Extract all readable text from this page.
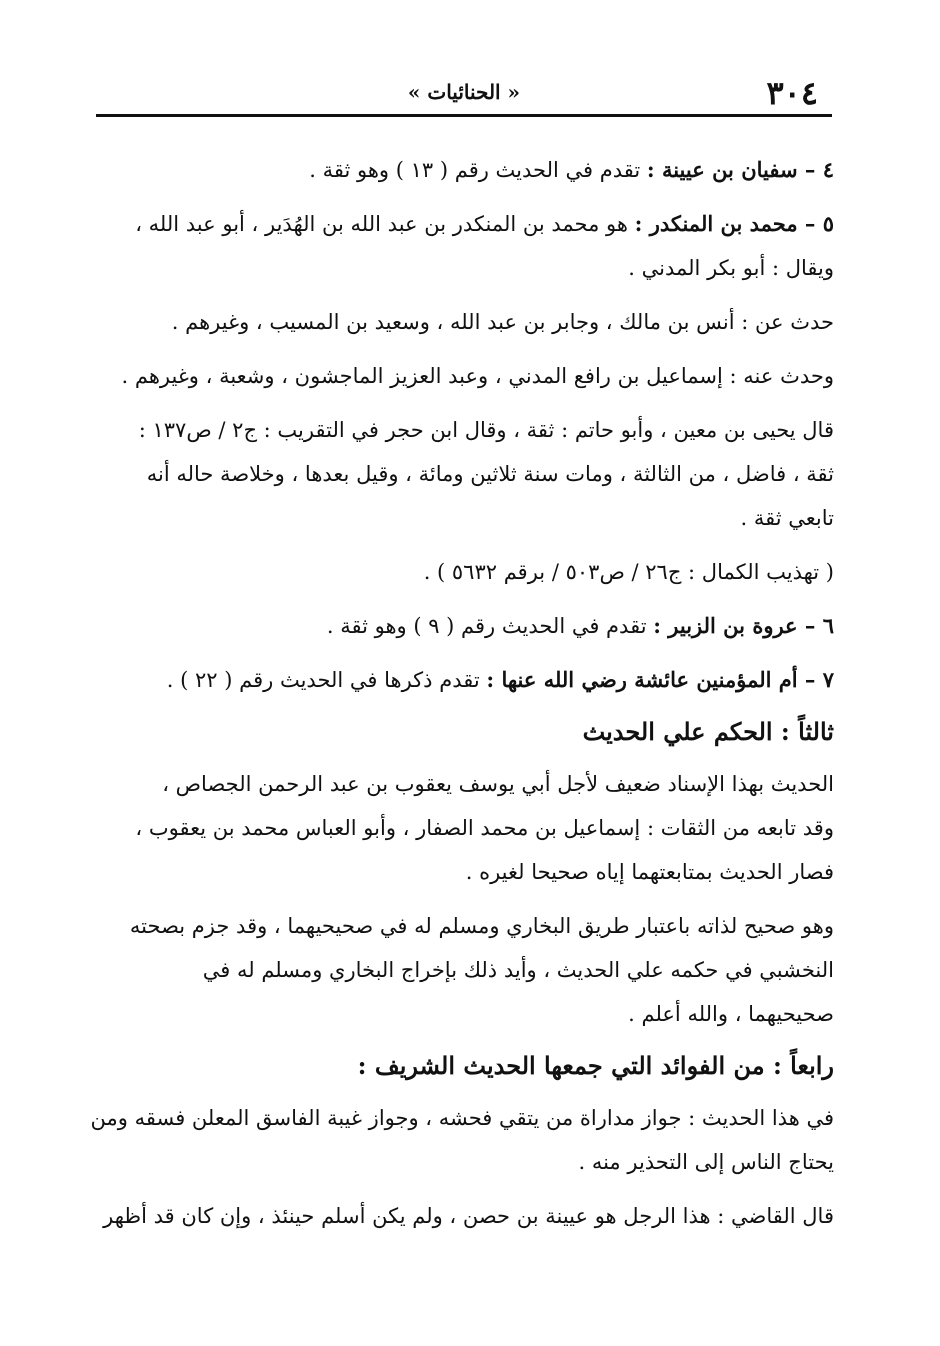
٣٠٤
« الحنائيات »

٤ – سفيان بن عيينة : تقدم في الحديث رقم ( ١٣ ) وهو ثقة .

٥ – محمد بن المنكدر : هو محمد بن المنكدر بن عبد الله بن الهُدَير ، أبو عبد الله ،

ويقال : أبو بكر المدني .

حدث عن : أنس بن مالك ، وجابر بن عبد الله ، وسعيد بن المسيب ، وغيرهم .

وحدث عنه : إسماعيل بن رافع المدني ، وعبد العزيز الماجشون ، وشعبة ، وغيرهم .

قال يحيى بن معين ، وأبو حاتم : ثقة ، وقال ابن حجر في التقريب : ج٢ / ص١٣٧ :

ثقة ، فاضل ، من الثالثة ، ومات سنة ثلاثين ومائة ، وقيل بعدها ، وخلاصة حاله أنه

تابعي ثقة .

( تهذيب الكمال : ج٢٦ / ص٥٠٣ / برقم ٥٦٣٢ ) .

٦ – عروة بن الزبير : تقدم في الحديث رقم ( ٩ ) وهو ثقة .

٧ – أم المؤمنين عائشة رضي الله عنها : تقدم ذكرها في الحديث رقم ( ٢٢ ) .

ثالثاً : الحكم علي الحديث

الحديث بهذا الإسناد ضعيف لأجل أبي يوسف يعقوب بن عبد الرحمن الجصاص ،

وقد تابعه من الثقات : إسماعيل بن محمد الصفار ، وأبو العباس محمد بن يعقوب ،

فصار الحديث بمتابعتهما إياه صحيحا لغيره .

وهو صحيح لذاته باعتبار طريق البخاري ومسلم له في صحيحيهما ، وقد جزم بصحته

النخشبي في حكمه علي الحديث ، وأيد ذلك بإخراج البخاري ومسلم له في

صحيحيهما ، والله أعلم .

رابعاً : من الفوائد التي جمعها الحديث الشريف :

في هذا الحديث : جواز مداراة من يتقي فحشه ، وجواز غيبة الفاسق المعلن فسقه ومن

يحتاج الناس إلى التحذير منه .

قال القاضي : هذا الرجل هو عيينة بن حصن ، ولم يكن أسلم حينئذ ، وإن كان قد أظهر
